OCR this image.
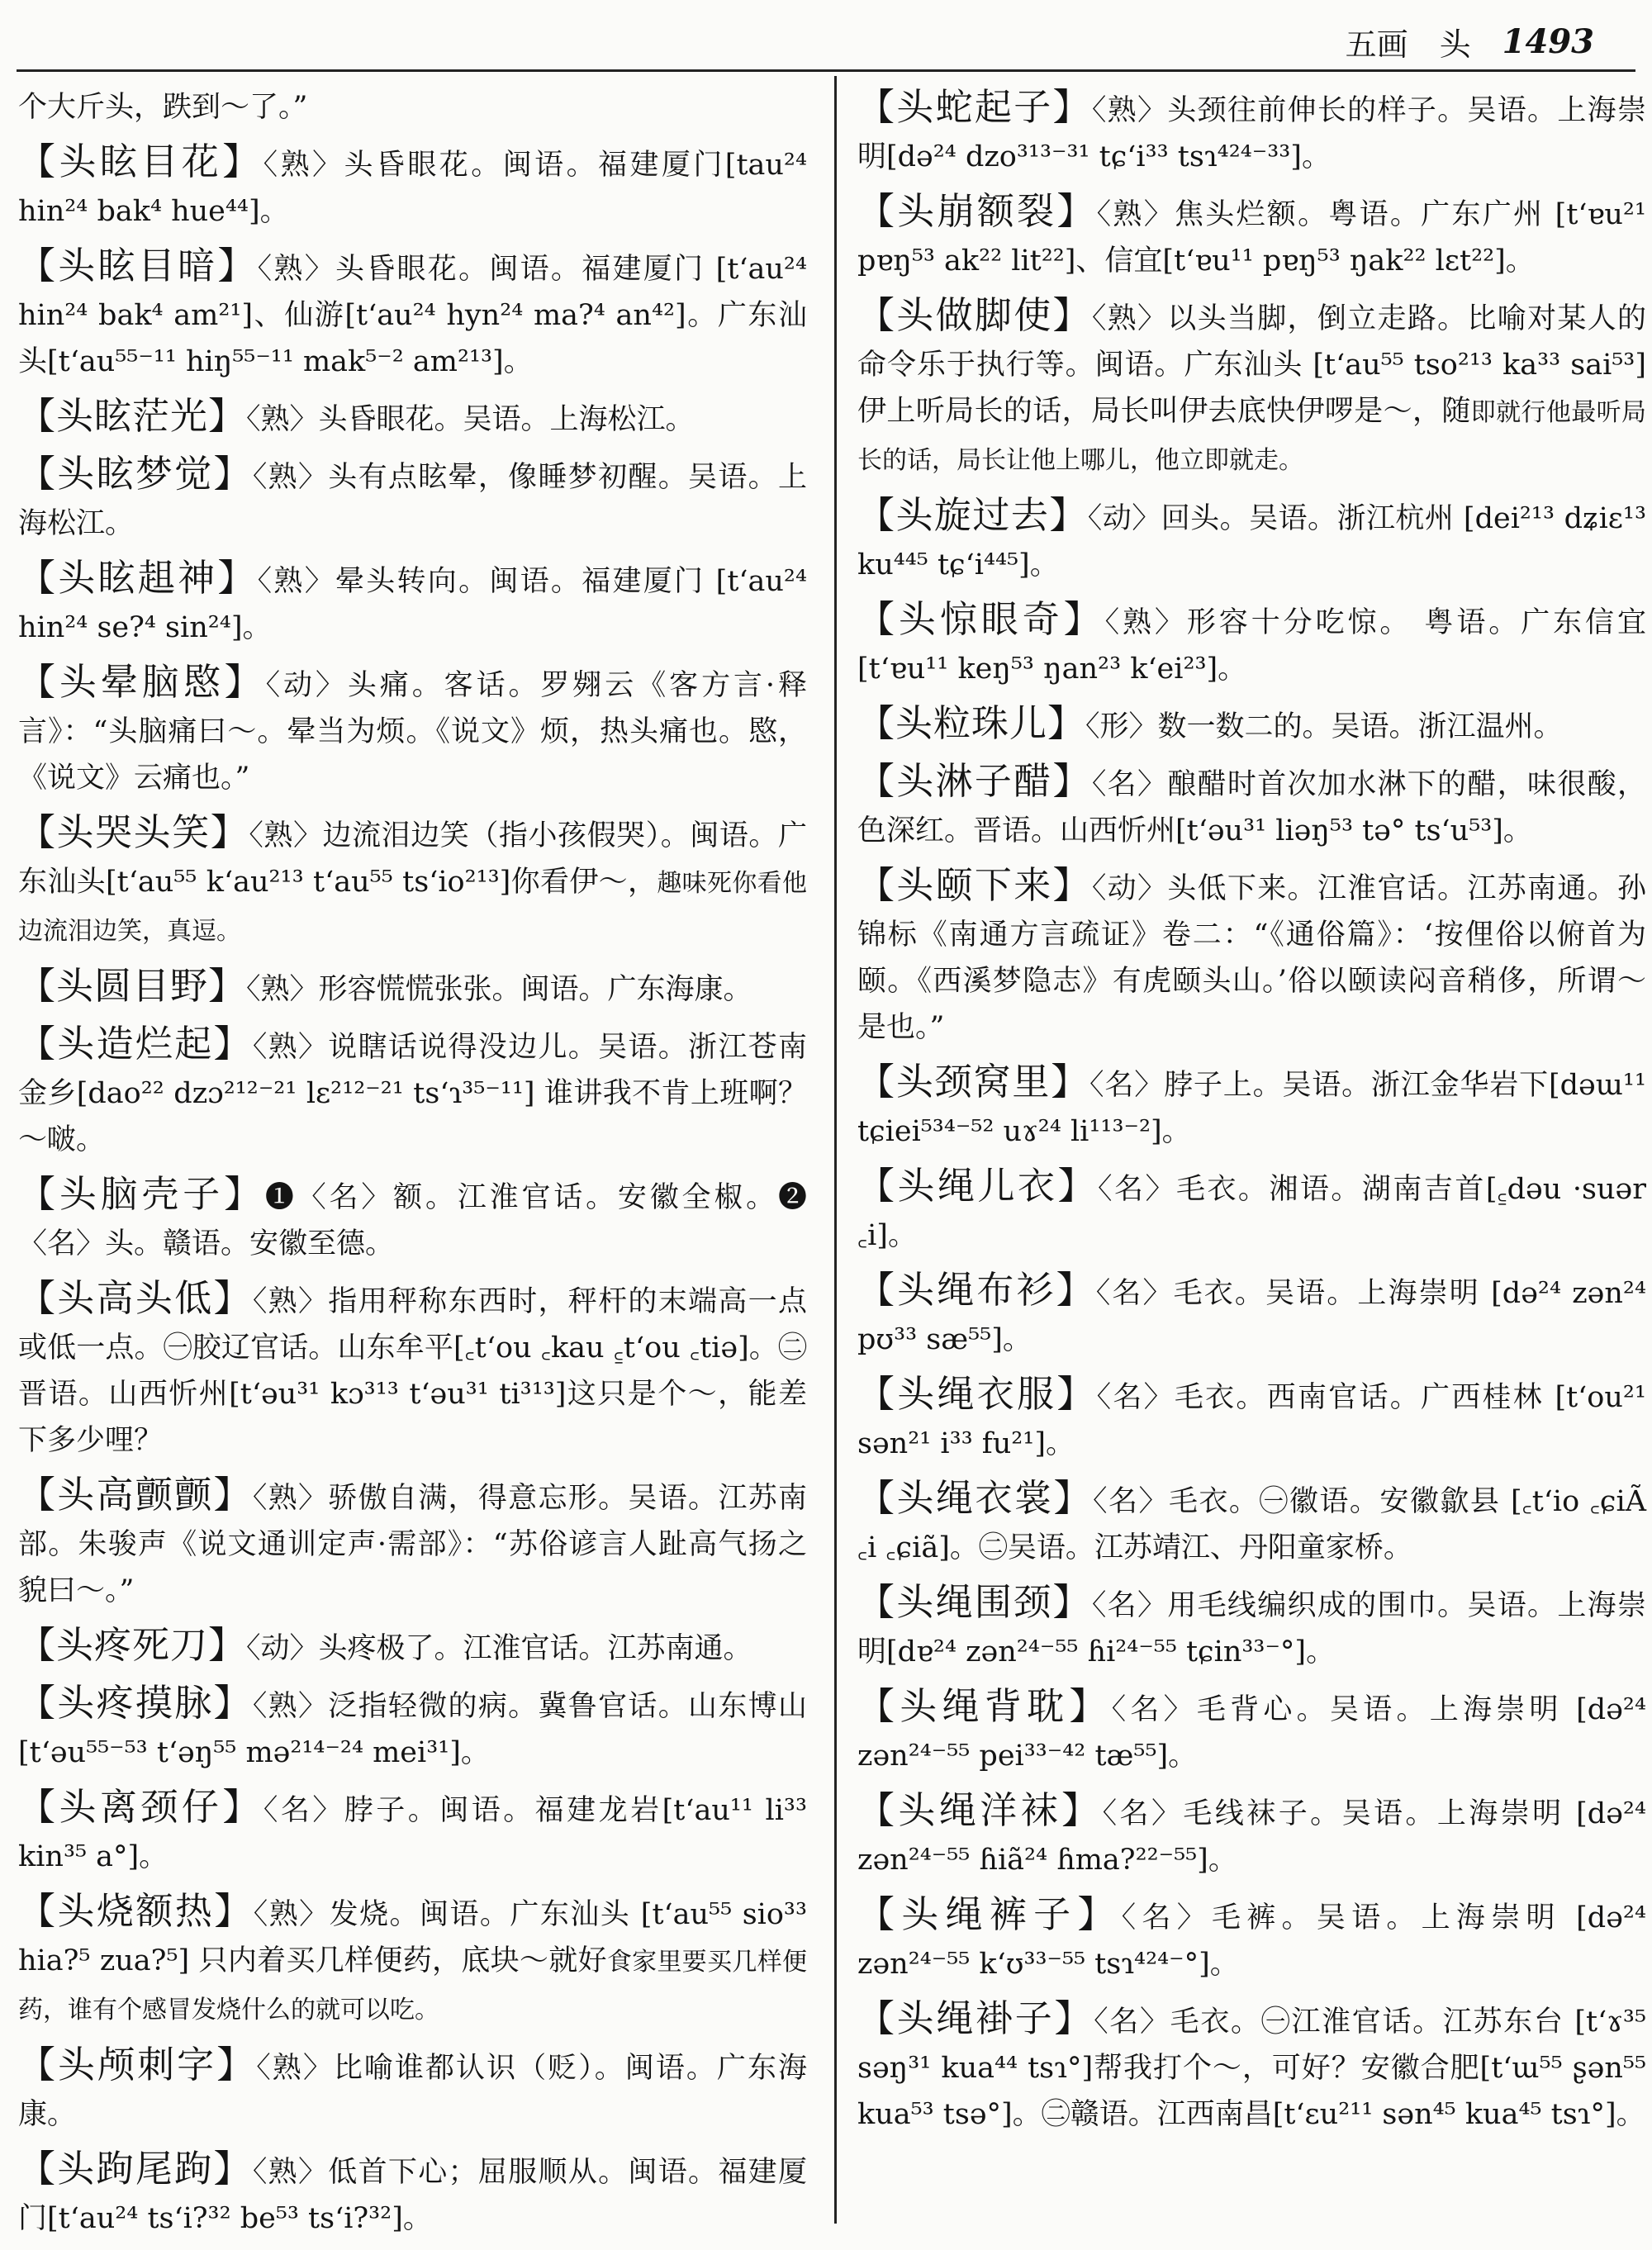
五画　头 1493
个大斤头，跌到～了。”
【头眩目花】〈熟〉头昏眼花。闽语。福建厦门[tau²⁴ hin²⁴ bak⁴ hue⁴⁴]。
【头眩目暗】〈熟〉头昏眼花。闽语。福建厦门 [t‘au²⁴ hin²⁴ bak⁴ am²¹]、仙游[t‘au²⁴ hyn²⁴ ma?⁴ an⁴²]。广东汕头[t‘au⁵⁵⁻¹¹ hiŋ⁵⁵⁻¹¹ mak⁵⁻² am²¹³]。
【头眩茫光】〈熟〉头昏眼花。吴语。上海松江。
【头眩梦觉】〈熟〉头有点眩晕，像睡梦初醒。吴语。上海松江。
【头眩趄神】〈熟〉晕头转向。闽语。福建厦门 [t‘au²⁴ hin²⁴ se?⁴ sin²⁴]。
【头晕脑愍】〈动〉头痛。客话。罗翙云《客方言·释言》：“头脑痛曰～。晕当为烦。《说文》烦，热头痛也。愍，《说文》云痛也。”
【头哭头笑】〈熟〉边流泪边笑（指小孩假哭）。闽语。广东汕头[t‘au⁵⁵ k‘au²¹³ t‘au⁵⁵ ts‘io²¹³]你看伊～，趣味死你看他边流泪边笑，真逗。
【头圆目野】〈熟〉形容慌慌张张。闽语。广东海康。
【头造烂起】〈熟〉说瞎话说得没边儿。吴语。浙江苍南金乡[dao²² dzɔ²¹²⁻²¹ lɛ²¹²⁻²¹ ts‘ɿ³⁵⁻¹¹] 谁讲我不肯上班啊？～啵。
【头脑壳子】❶〈名〉额。江淮官话。安徽全椒。❷〈名〉头。赣语。安徽至德。
【头高头低】〈熟〉指用秤称东西时，秤杆的末端高一点或低一点。㊀胶辽官话。山东牟平[꜀t‘ou ꜀kau ꜁t‘ou ꜀tiə]。㊁晋语。山西忻州[t‘əu³¹ kɔ³¹³ t‘əu³¹ ti³¹³]这只是个～，能差下多少哩？
【头高颤颤】〈熟〉骄傲自满，得意忘形。吴语。江苏南部。朱骏声《说文通训定声·需部》：“苏俗谚言人趾高气扬之貌曰～。”
【头疼死刀】〈动〉头疼极了。江淮官话。江苏南通。
【头疼摸脉】〈熟〉泛指轻微的病。冀鲁官话。山东博山[t‘əu⁵⁵⁻⁵³ t‘əŋ⁵⁵ mə²¹⁴⁻²⁴ mei³¹]。
【头离颈仔】〈名〉脖子。闽语。福建龙岩[t‘au¹¹ li³³ kin³⁵ a°]。
【头烧额热】〈熟〉发烧。闽语。广东汕头 [t‘au⁵⁵ sio³³ hia?⁵ zua?⁵] 只内着买几样便药，底块～就好食家里要买几样便药，谁有个感冒发烧什么的就可以吃。
【头颅刺字】〈熟〉比喻谁都认识（贬）。闽语。广东海康。
【头跔尾跔】〈熟〉低首下心；屈服顺从。闽语。福建厦门[t‘au²⁴ ts‘i?³² be⁵³ ts‘i?³²]。
【头蛇起子】〈熟〉头颈往前伸长的样子。吴语。上海崇明[də²⁴ dzo³¹³⁻³¹ tɕ‘i³³ tsɿ⁴²⁴⁻³³]。
【头崩额裂】〈熟〉焦头烂额。粤语。广东广州 [t‘ɐu²¹ pɐŋ⁵³ ak²² lit²²]、信宜[t‘ɐu¹¹ pɐŋ⁵³ ŋak²² lɛt²²]。
【头做脚使】〈熟〉以头当脚，倒立走路。比喻对某人的命令乐于执行等。闽语。广东汕头 [t‘au⁵⁵ tso²¹³ ka³³ sai⁵³]伊上听局长的话，局长叫伊去底快伊啰是～，随即就行他最听局长的话，局长让他上哪儿，他立即就走。
【头旋过去】〈动〉回头。吴语。浙江杭州 [dei²¹³ dʑiɛ¹³ ku⁴⁴⁵ tɕ‘i⁴⁴⁵]。
【头惊眼奇】〈熟〉形容十分吃惊。 粤语。广东信宜 [t‘ɐu¹¹ keŋ⁵³ ŋan²³ k‘ei²³]。
【头粒珠儿】〈形〉数一数二的。吴语。浙江温州。
【头淋子醋】〈名〉酿醋时首次加水淋下的醋，味很酸，色深红。晋语。山西忻州[t‘əu³¹ liəŋ⁵³ tə° ts‘u⁵³]。
【头颐下来】〈动〉头低下来。江淮官话。江苏南通。孙锦标《南通方言疏证》卷二：“《通俗篇》：‘按俚俗以俯首为颐。《西溪梦隐志》有虎颐头山。’俗以颐读闷音稍侈，所谓～是也。”
【头颈窝里】〈名〉脖子上。吴语。浙江金华岩下[dəɯ¹¹ tɕiei⁵³⁴⁻⁵² uɤ²⁴ li¹¹³⁻²]。
【头绳儿衣】〈名〉毛衣。湘语。湖南吉首[꜁dəu ·suər ꜀i]。
【头绳布衫】〈名〉毛衣。吴语。上海崇明 [də²⁴ zən²⁴ pʊ³³ sæ⁵⁵]。
【头绳衣服】〈名〉毛衣。西南官话。广西桂林 [t‘ou²¹ sən²¹ i³³ fu²¹]。
【头绳衣裳】〈名〉毛衣。㊀徽语。安徽歙县 [꜀t‘io ꜀ɕiÃ ꜀i ꜀ɕiã]。㊁吴语。江苏靖江、丹阳童家桥。
【头绳围颈】〈名〉用毛线编织成的围巾。吴语。上海崇明[dɐ²⁴ zən²⁴⁻⁵⁵ ɦi²⁴⁻⁵⁵ tɕin³³⁻°]。
【头绳背耽】〈名〉毛背心。吴语。上海崇明 [də²⁴ zən²⁴⁻⁵⁵ pei³³⁻⁴² tæ⁵⁵]。
【头绳洋袜】〈名〉毛线袜子。吴语。上海崇明 [də²⁴ zən²⁴⁻⁵⁵ ɦiã²⁴ ɦma?²²⁻⁵⁵]。
【头绳裤子】〈名〉毛裤。吴语。上海崇明 [də²⁴ zən²⁴⁻⁵⁵ k‘ʊ³³⁻⁵⁵ tsɿ⁴²⁴⁻°]。
【头绳褂子】〈名〉毛衣。㊀江淮官话。江苏东台 [t‘ɤ³⁵ səŋ³¹ kua⁴⁴ tsɿ°]帮我打个～，可好？安徽合肥[t‘ɯ⁵⁵ ʂən⁵⁵ kua⁵³ tsə°]。㊁赣语。江西南昌[t‘ɛu²¹¹ sən⁴⁵ kua⁴⁵ tsɿ°]。
